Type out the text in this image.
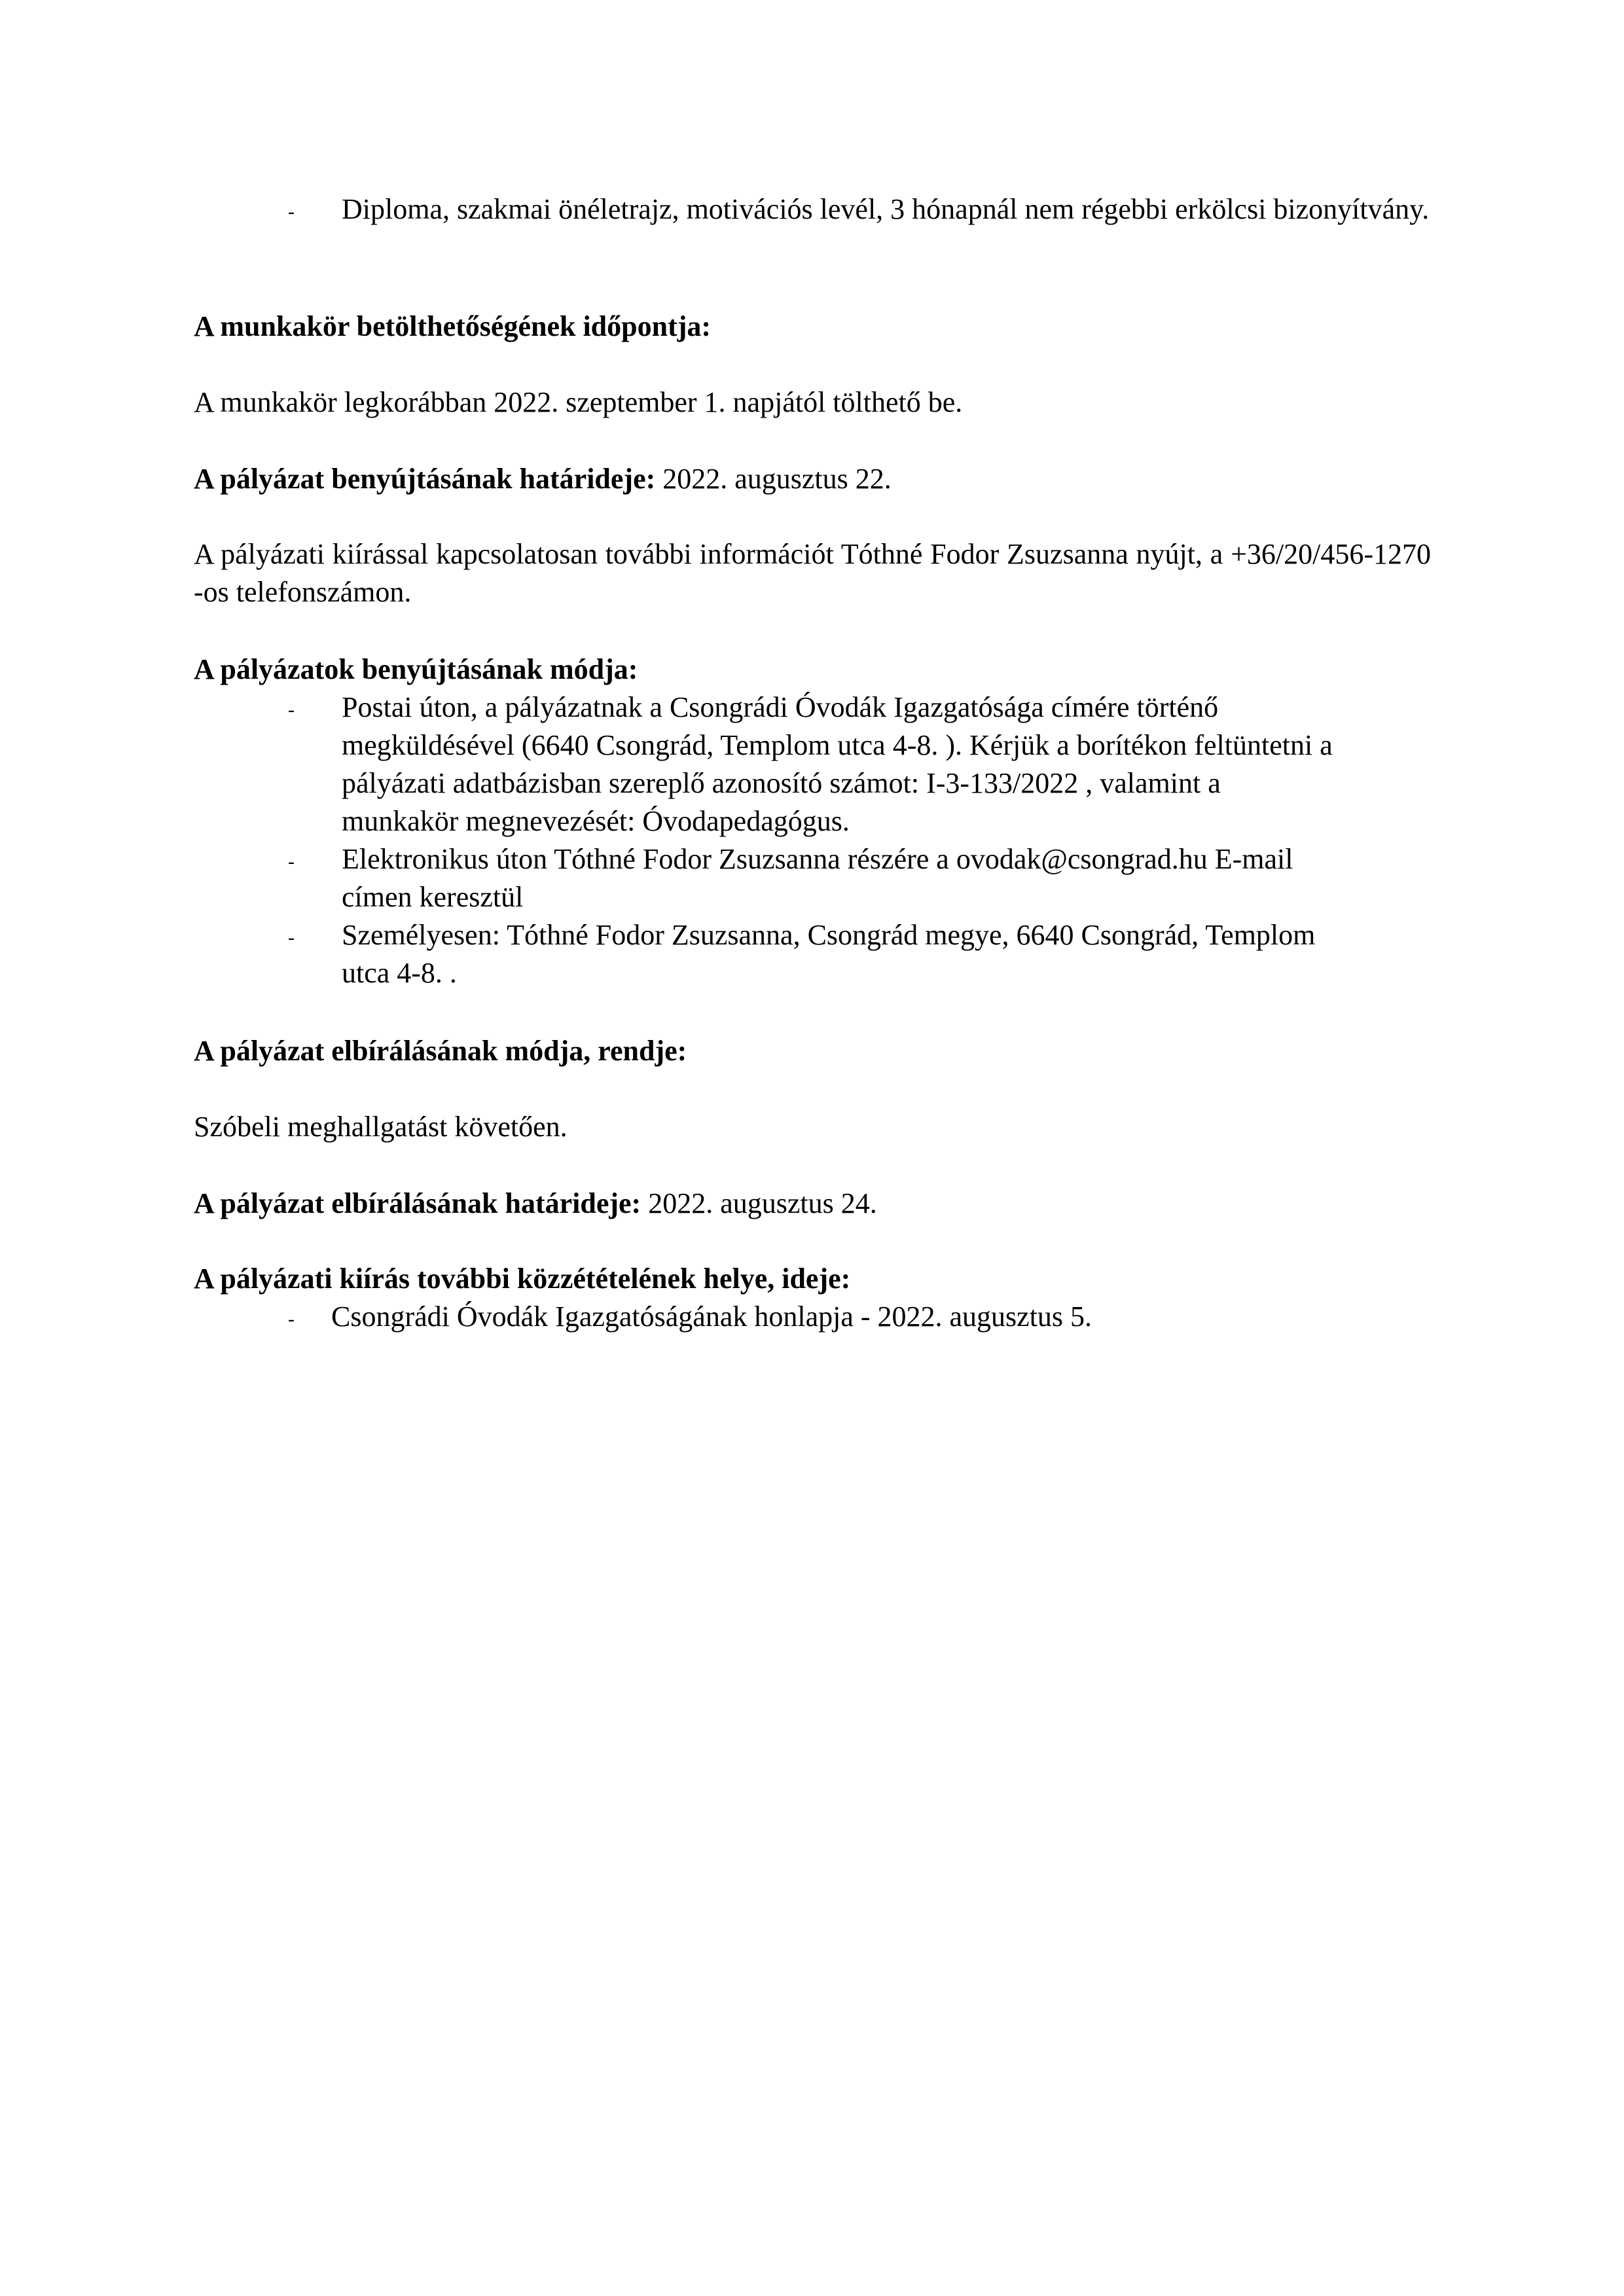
- Diploma, szakmai önéletrajz, motivációs levél, 3 hónapnál nem régebbi erkölcsi bizonyítvány.
A munkakör betölthetőségének időpontja:
A munkakör legkorábban 2022. szeptember 1. napjától tölthető be.
A pályázat benyújtásának határideje: 2022. augusztus 22.
A pályázati kiírással kapcsolatosan további információt Tóthné Fodor Zsuzsanna nyújt, a +36/20/456-1270 -os telefonszámon.
A pályázatok benyújtásának módja:
- Postai úton, a pályázatnak a Csongrádi Óvodák Igazgatósága címére történő megküldésével (6640 Csongrád, Templom utca 4-8. ). Kérjük a borítékon feltüntetni a pályázati adatbázisban szereplő azonosító számot: I-3-133/2022 , valamint a munkakör megnevezését: Óvodapedagógus.
- Elektronikus úton Tóthné Fodor Zsuzsanna részére a ovodak@csongrad.hu E-mail címen keresztül
- Személyesen: Tóthné Fodor Zsuzsanna, Csongrád megye, 6640 Csongrád, Templom utca 4-8. .
A pályázat elbírálásának módja, rendje:
Szóbeli meghallgatást követően.
A pályázat elbírálásának határideje: 2022. augusztus 24.
A pályázati kiírás további közzétételének helye, ideje:
- Csongrádi Óvodák Igazgatóságának honlapja - 2022. augusztus 5.
